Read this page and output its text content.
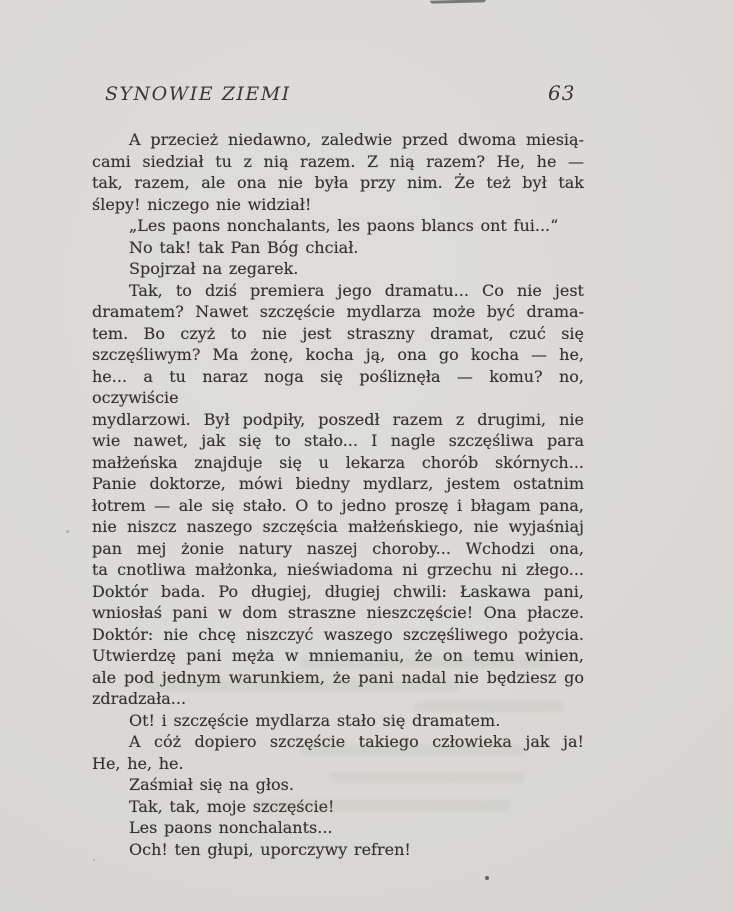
SYNOWIE ZIEMI	63
A przecież niedawno, zaledwie przed dwoma miesią-
cami siedział tu z nią razem. Z nią razem? He, he —
tak, razem, ale ona nie była przy nim. Że też był tak
ślepy! niczego nie widział!
„Les paons nonchalants, les paons blancs ont fui...“
No tak! tak Pan Bóg chciał.
Spojrzał na zegarek.
Tak, to dziś premiera jego dramatu... Co nie jest
dramatem? Nawet szczęście mydlarza może być drama-
tem. Bo czyż to nie jest straszny dramat, czuć się
szczęśliwym? Ma żonę, kocha ją, ona go kocha — he,
he... a tu naraz noga się pośliznęła — komu? no, oczywiście
mydlarzowi. Był podpiły, poszedł razem z drugimi, nie
wie nawet, jak się to stało... I nagle szczęśliwa para
małżeńska znajduje się u lekarza chorób skórnych...
Panie doktorze, mówi biedny mydlarz, jestem ostatnim
łotrem — ale się stało. O to jedno proszę i błagam pana,
nie niszcz naszego szczęścia małżeńskiego, nie wyjaśniaj
pan mej żonie natury naszej choroby... Wchodzi ona,
ta cnotliwa małżonka, nieświadoma ni grzechu ni złego...
Doktór bada. Po długiej, długiej chwili: Łaskawa pani,
wniosłaś pani w dom straszne nieszczęście! Ona płacze.
Doktór: nie chcę niszczyć waszego szczęśliwego pożycia.
Utwierdzę pani męża w mniemaniu, że on temu winien,
ale pod jednym warunkiem, że pani nadal nie będziesz go
zdradzała...
Ot! i szczęście mydlarza stało się dramatem.
A cóż dopiero szczęście takiego człowieka jak ja!
He, he, he.
Zaśmiał się na głos.
Tak, tak, moje szczęście!
Les paons nonchalants...
Och! ten głupi, uporczywy refren!
